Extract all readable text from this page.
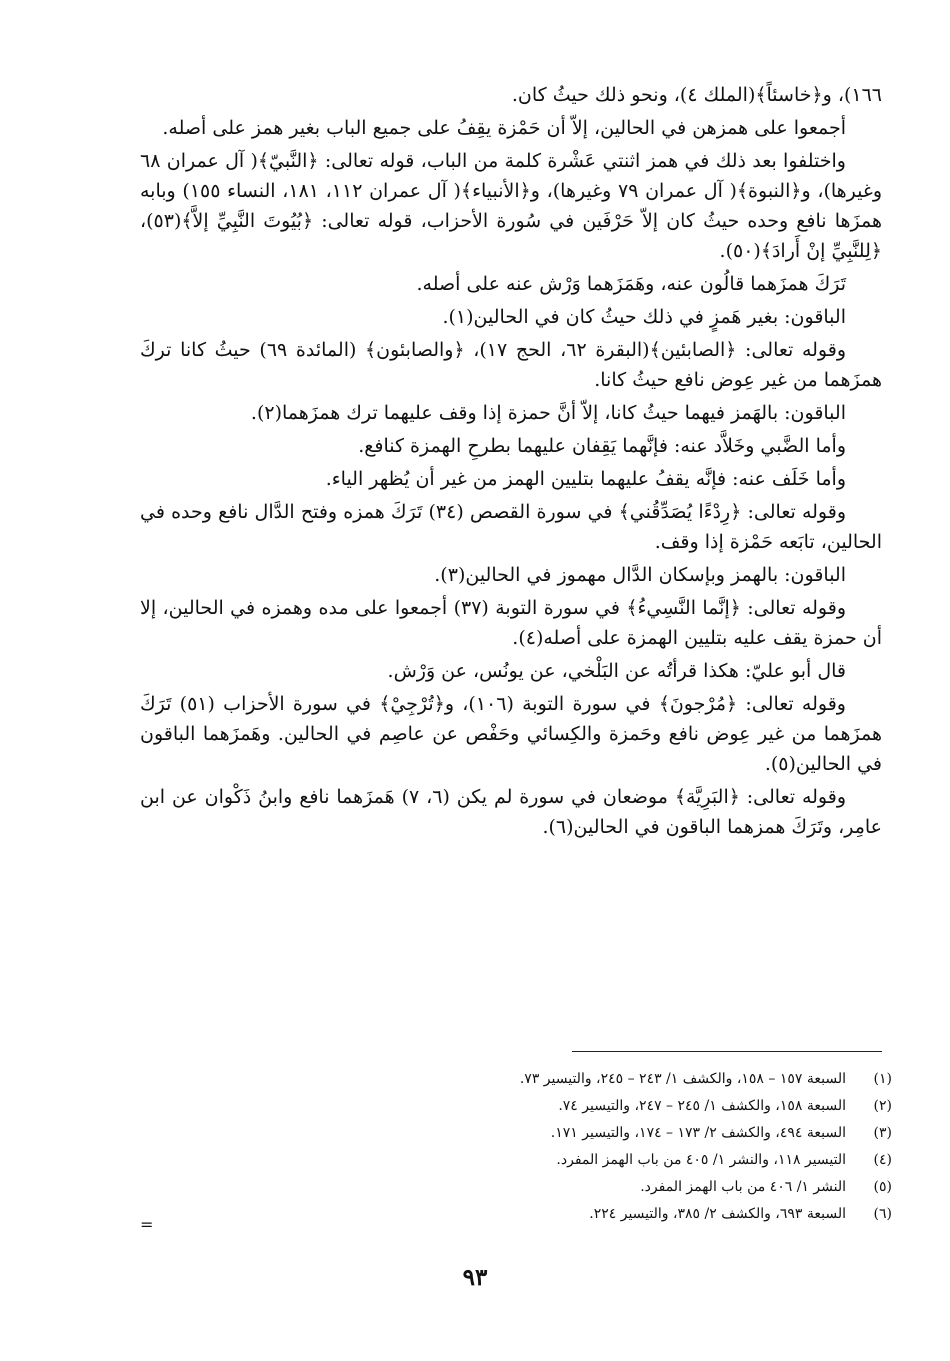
١٦٦)، و﴿خاسئاً﴾(الملك ٤)، ونحو ذلك حيثُ كان.

أجمعوا على همزهن في الحالين، إلاّ أن حَمْزة يقِفُ على جميع الباب بغير همز على أصله.

واختلفوا بعد ذلك في همز اثنتي عَشْرة كلمة من الباب، قوله تعالى: ﴿النَّبيّ﴾( آل عمران ٦٨ وغيرها)، و﴿النبوة﴾( آل عمران ٧٩ وغيرها)، و﴿الأنبياء﴾( آل عمران ١١٢، ١٨١، النساء ١٥٥) وبابه همزَها نافع وحده حيثُ كان إلاّ حَرْفَين في سُورة الأحزاب، قوله تعالى: ﴿بُيُوتَ النَّبِيِّ إلاَّ﴾(٥٣)، ﴿لِلنَّبِيِّ إنْ أَرادَ﴾(٥٠).

تَرَكَ همزَهما قالُون عنه، وهَمَزَهما وَرْش عنه على أصله.

الباقون: بغير هَمزٍ في ذلك حيثُ كان في الحالين(١).

وقوله تعالى: ﴿الصابئين﴾(البقرة ٦٢، الحج ١٧)، ﴿والصابئون﴾ (المائدة ٦٩) حيثُ كانا تركَ همزَهما من غير عِوض نافع حيثُ كانا.

الباقون: بالهَمز فيهما حيثُ كانا، إلاّ أنَّ حمزة إذا وقف عليهما ترك همزَهما(٢).

وأما الضَّبي وخَلاَّد عنه: فإنَّهما يَقِفان عليهما بطرحِ الهمزة كنافع.

وأما خَلَف عنه: فإنَّه يقفُ عليهما بتليين الهمز من غير أن يُظهر الياء.

وقوله تعالى: ﴿رِدْءًا يُصَدِّقُني﴾ في سورة القصص (٣٤) تَرَكَ همزه وفتح الدَّال نافع وحده في الحالين، تابَعه حَمْزة إذا وقف.

الباقون: بالهمز وبإسكان الدَّال مهموز في الحالين(٣).

وقوله تعالى: ﴿إنَّما النَّسِيءُ﴾ في سورة التوبة (٣٧) أجمعوا على مده وهمزه في الحالين، إلا أن حمزة يقف عليه بتليين الهمزة على أصله(٤).

قال أبو عليّ: هكذا قرأتُه عن البَلْخي، عن يونُس، عن وَرْش.

وقوله تعالى: ﴿مُرْجونَ﴾ في سورة التوبة (١٠٦)، و﴿تُرْجِيْ﴾ في سورة الأحزاب (٥١) تَرَكَ همزَهما من غير عِوض نافع وحَمزة والكِسائي وحَفْص عن عاصِم في الحالين. وهَمزَهما الباقون في الحالين(٥).

وقوله تعالى: ﴿البَرِيَّة﴾ موضعان في سورة لم يكن (٦، ٧) هَمزَهما نافع وابنُ ذَكْوان عن ابن عامِر، وتَرَكَ همزهما الباقون في الحالين(٦).

(١)
السبعة ١٥٧ – ١٥٨، والكشف ١/ ٢٤٣ – ٢٤٥، والتيسير ٧٣.
(٢)
السبعة ١٥٨، والكشف ١/ ٢٤٥ – ٢٤٧، والتيسير ٧٤.
(٣)
السبعة ٤٩٤، والكشف ٢/ ١٧٣ – ١٧٤، والتيسير ١٧١.
(٤)
التيسير ١١٨، والنشر ١/ ٤٠٥ من باب الهمز المفرد.
(٥)
النشر ١/ ٤٠٦ من باب الهمز المفرد.
(٦)
السبعة ٦٩٣، والكشف ٢/ ٣٨٥، والتيسير ٢٢٤.
=
٩٣
